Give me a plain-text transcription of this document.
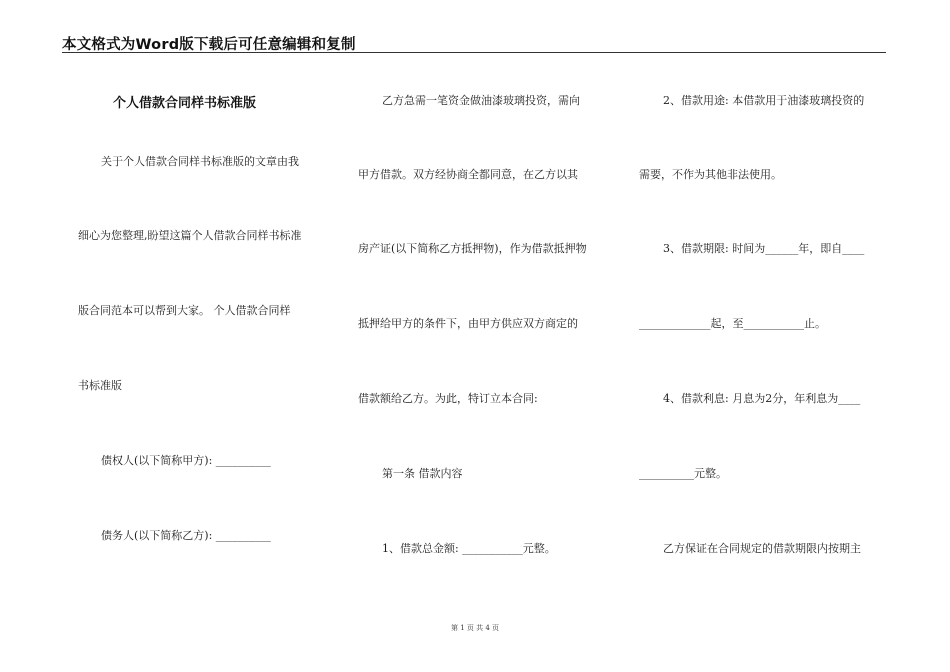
本文格式为Word版下载后可任意编辑和复制
个人借款合同样书标准版
关于个人借款合同样书标准版的文章由我
细心为您整理,盼望这篇个人借款合同样书标准
版合同范本可以帮到大家。 个人借款合同样
书标准版
债权人(以下简称甲方): __________
债务人(以下简称乙方): __________
乙方急需一笔资金做油漆玻璃投资，需向
甲方借款。双方经协商全都同意，在乙方以其
房产证(以下简称乙方抵押物)，作为借款抵押物
抵押给甲方的条件下，由甲方供应双方商定的
借款额给乙方。为此，特订立本合同:
第一条 借款内容
1、借款总金额: ___________元整。
2、借款用途: 本借款用于油漆玻璃投资的
需要，不作为其他非法使用。
3、借款期限: 时间为______年，即自____
_____________起，至___________止。
4、借款利息: 月息为2分，年利息为____
__________元整。
乙方保证在合同规定的借款期限内按期主
第 1 页 共 4 页
